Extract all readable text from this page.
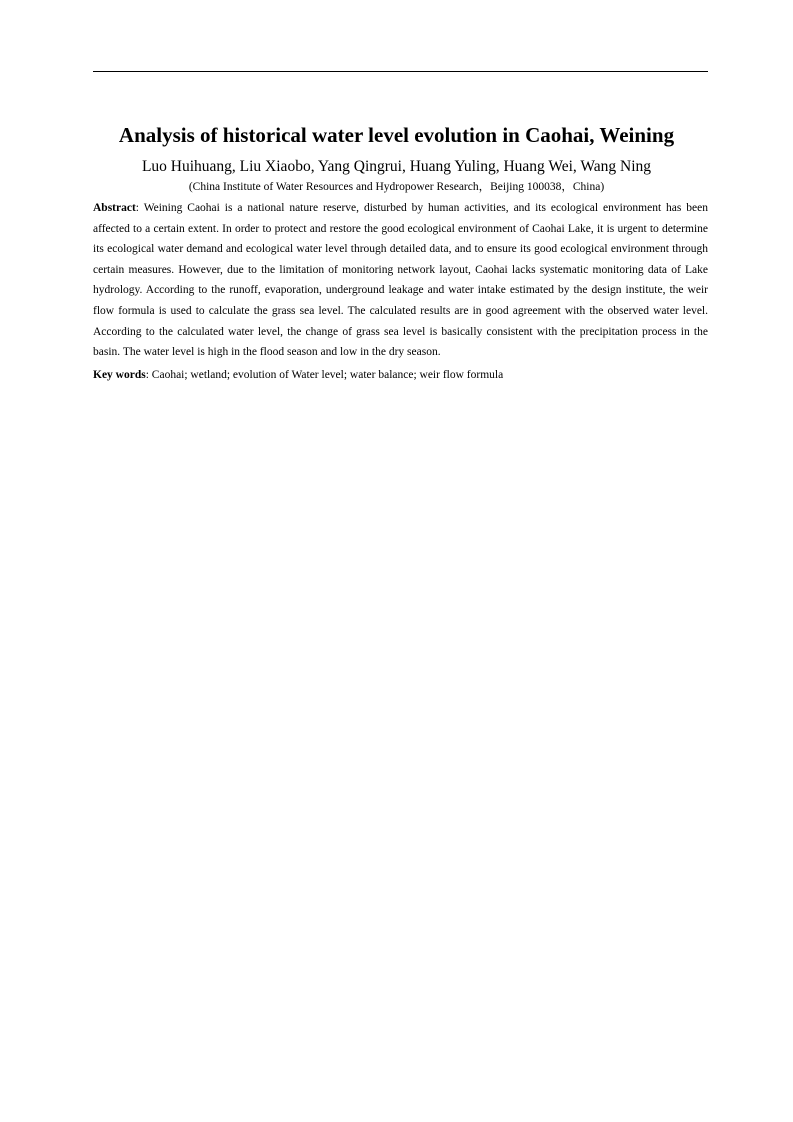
Analysis of historical water level evolution in Caohai, Weining

Luo Huihuang, Liu Xiaobo, Yang Qingrui, Huang Yuling, Huang Wei, Wang Ning

(China Institute of Water Resources and Hydropower Research，Beijing 100038，China)

Abstract: Weining Caohai is a national nature reserve, disturbed by human activities, and its ecological environment has been affected to a certain extent. In order to protect and restore the good ecological environment of Caohai Lake, it is urgent to determine its ecological water demand and ecological water level through detailed data, and to ensure its good ecological environment through certain measures. However, due to the limitation of monitoring network layout, Caohai lacks systematic monitoring data of Lake hydrology. According to the runoff, evaporation, underground leakage and water intake estimated by the design institute, the weir flow formula is used to calculate the grass sea level. The calculated results are in good agreement with the observed water level. According to the calculated water level, the change of grass sea level is basically consistent with the precipitation process in the basin. The water level is high in the flood season and low in the dry season.

Key words: Caohai; wetland; evolution of Water level; water balance; weir flow formula
